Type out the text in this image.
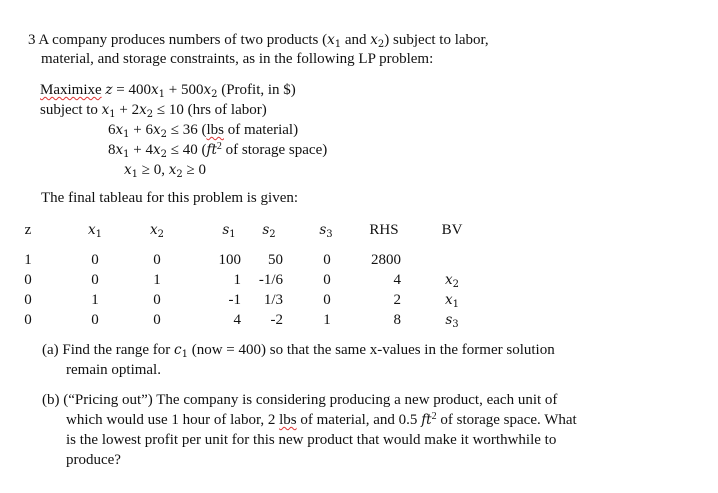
3 A company produces numbers of two products ($x_1$ and $x_2$) subject to labor,
material, and storage constraints, as in the following LP problem:
Maximixe $z = 400x_1 + 500x_2$ (Profit, in $)
subject to $x_1 + 2x_2 \le 10$ (hrs of labor)
$6x_1 + 6x_2 \le 36$ (lbs of material)
$8x_1 + 4x_2 \le 40$ ($ft^2$ of storage space)
$x_1 \ge 0$, $x_2 \ge 0$
The final tableau for this problem is given:
z	$x_1$	$x_2$	$s_1$ $s_2$	$s_3$ RHS	BV
1	0	0	100 50	0	2800
0	0	1	1 -1/6	0	4	$x_2$
0	1	0	-1 1/3	0	2	$x_1$
0	0	0	4 -2	1	8	$s_3$
(a) Find the range for $c_1$ (now = 400) so that the same x-values in the former solution
remain optimal.
(b) (“Pricing out”) The company is considering producing a new product, each unit of
which would use 1 hour of labor, 2 lbs of material, and 0.5 $ft^2$ of storage space. What
is the lowest profit per unit for this new product that would make it worthwhile to
produce?
